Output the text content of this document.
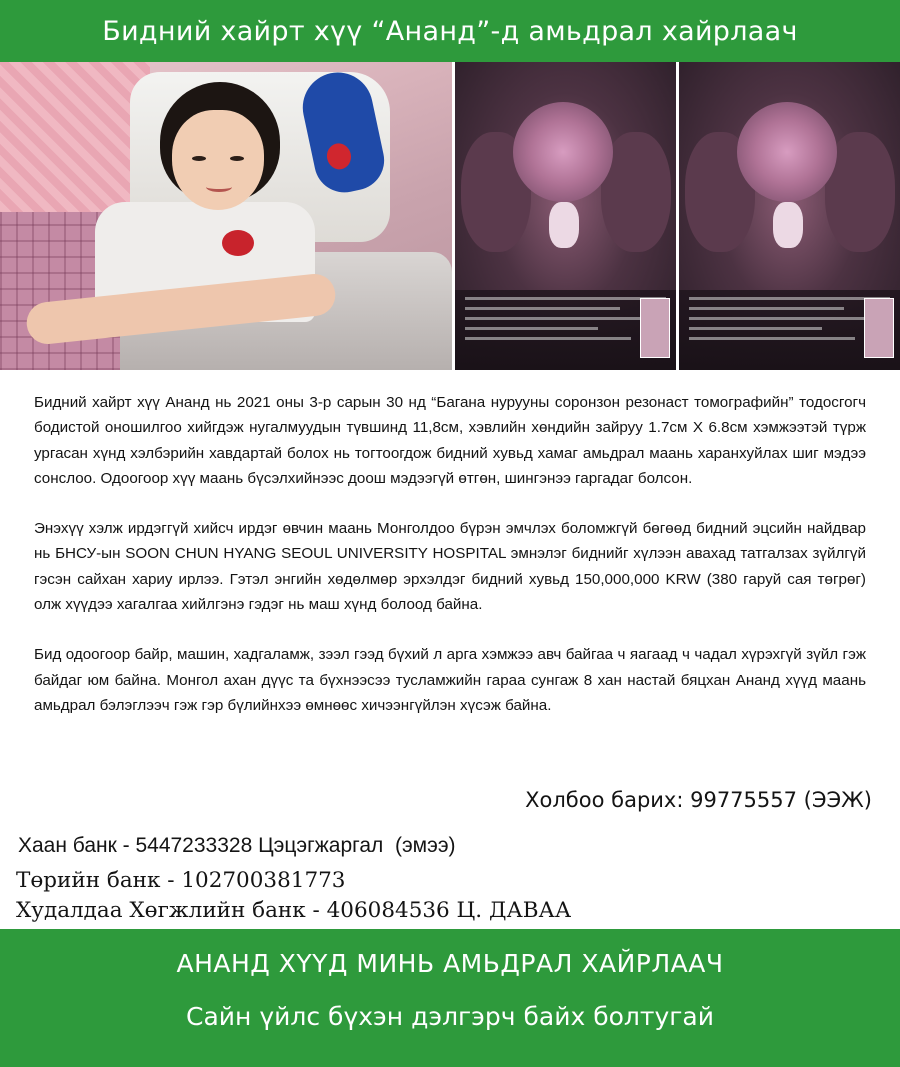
Бидний хайрт хүү “Ананд”-д амьдрал хайрлаач

Бидний хайрт хүү Ананд нь 2021 оны 3-р сарын 30 нд “Багана нурууны соронзон резонаст томографийн” тодосгогч бодистой оношилгоо хийгдэж нугалмуудын түвшинд 11,8см, хэвлийн хөндийн зайруу 1.7см Х 6.8см хэмжээтэй түрж ургасан хүнд хэлбэрийн хавдартай болох нь тогтоогдож бидний хувьд хамаг амьдрал маань харанхуйлах шиг мэдээ сонслоо. Одоогоор хүү маань бүсэлхийнээс доош мэдээгүй өтгөн, шингэнээ гаргадаг болсон.

Энэхүү хэлж ирдэггүй хийсч ирдэг өвчин маань Монголдоо бүрэн эмчлэх боломжгүй бөгөөд бидний эцсийн найдвар нь БНСУ-ын SOON CHUN HYANG SEOUL UNIVERSITY HOSPITAL эмнэлэг биднийг хүлээн авахад татгалзах зүйлгүй гэсэн сайхан хариу ирлээ. Гэтэл энгийн хөдөлмөр эрхэлдэг бидний хувьд 150,000,000 KRW (380 гаруй сая төгрөг) олж хүүдээ хагалгаа хийлгэнэ гэдэг нь маш хүнд болоод байна.

Бид одоогоор байр, машин, хадгаламж, зээл гээд бүхий л арга хэмжээ авч байгаа ч яагаад ч чадал хүрэхгүй зүйл гэж байдаг юм байна. Монгол ахан дүүс та бүхнээсээ тусламжийн гараа сунгаж 8 хан настай бяцхан Ананд хүүд маань амьдрал бэлэглээч гэж гэр бүлийнхээ өмнөөс хичээнгүйлэн хүсэж байна.

Холбоо барих: 99775557 (ЭЭЖ)
Хаан банк - 5447233328 Цэцэгжаргал  (эмээ)
Төрийн банк - 102700381773
Худалдаа Хөгжлийн банк - 406084536 Ц. ДАВАА
АНАНД ХҮҮД МИНЬ АМЬДРАЛ ХАЙРЛААЧ
Сайн үйлс бүхэн дэлгэрч байх болтугай
